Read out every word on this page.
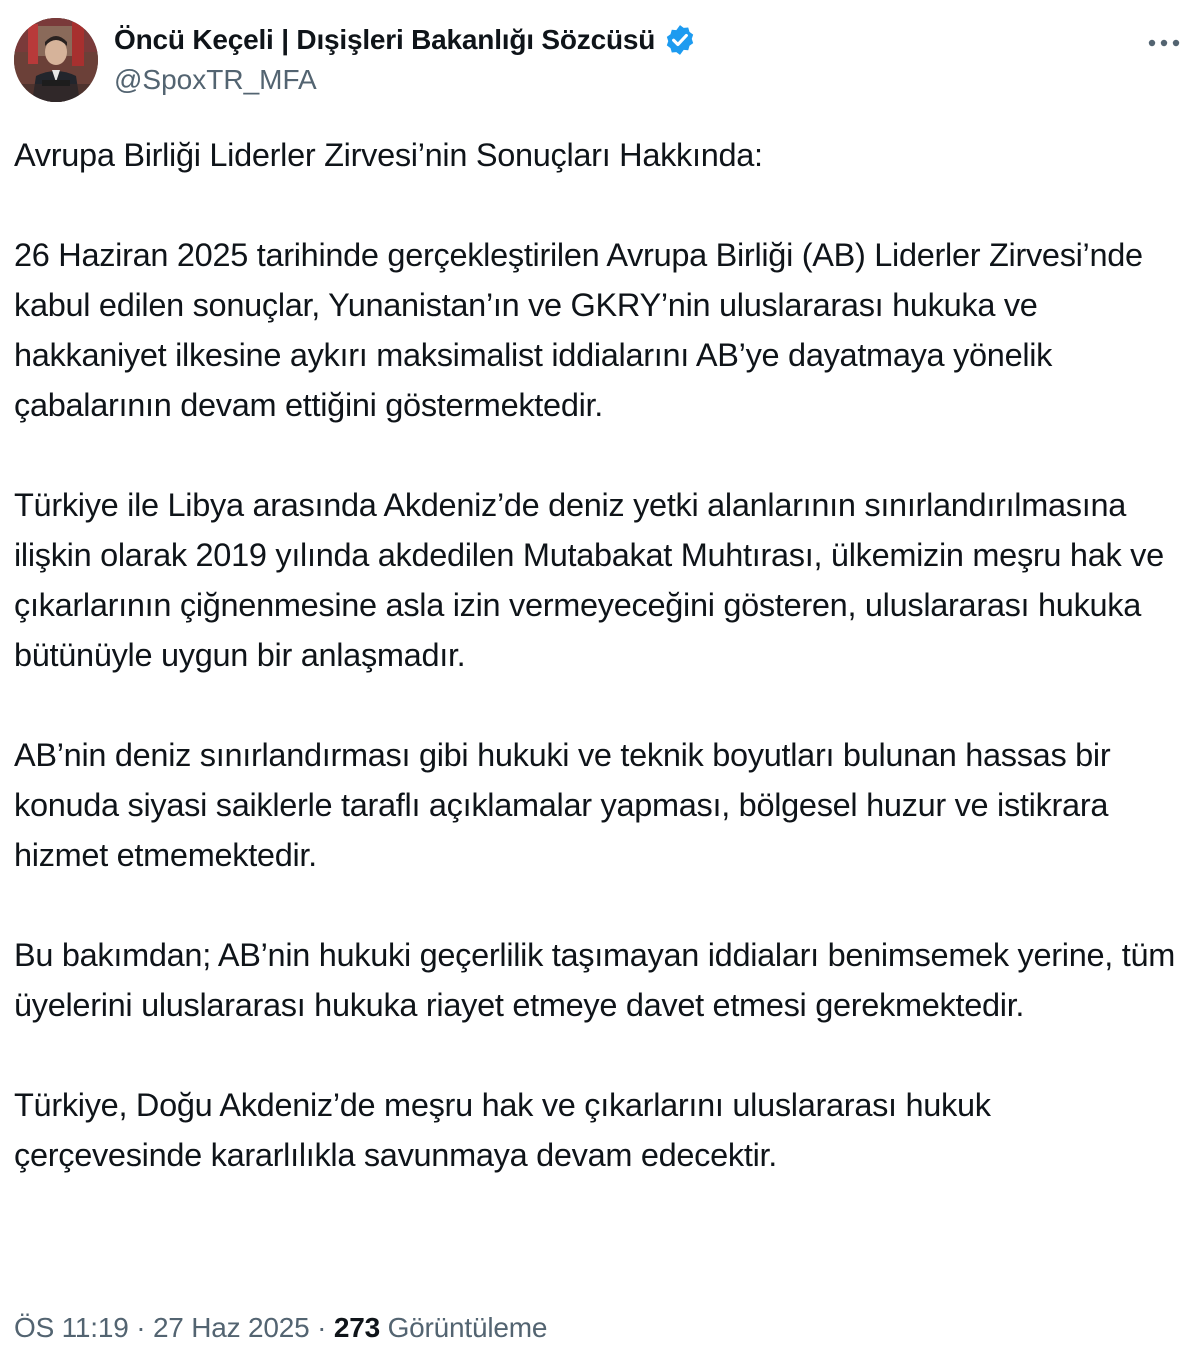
Öncü Keçeli | Dışişleri Bakanlığı Sözcüsü
@SpoxTR_MFA

Avrupa Birliği Liderler Zirvesi’nin Sonuçları Hakkında:

26 Haziran 2025 tarihinde gerçekleştirilen Avrupa Birliği (AB) Liderler Zirvesi’nde kabul edilen sonuçlar, Yunanistan’ın ve GKRY’nin uluslararası hukuka ve hakkaniyet ilkesine aykırı maksimalist iddialarını AB’ye dayatmaya yönelik çabalarının devam ettiğini göstermektedir.

Türkiye ile Libya arasında Akdeniz’de deniz yetki alanlarının sınırlandırılmasına ilişkin olarak 2019 yılında akdedilen Mutabakat Muhtırası, ülkemizin meşru hak ve çıkarlarının çiğnenmesine asla izin vermeyeceğini gösteren, uluslararası hukuka bütünüyle uygun bir anlaşmadır.

AB’nin deniz sınırlandırması gibi hukuki ve teknik boyutları bulunan hassas bir konuda siyasi saiklerle taraflı açıklamalar yapması, bölgesel huzur ve istikrara hizmet etmemektedir.

Bu bakımdan; AB’nin hukuki geçerlilik taşımayan iddiaları benimsemek yerine, tüm üyelerini uluslararası hukuka riayet etmeye davet etmesi gerekmektedir.

Türkiye, Doğu Akdeniz’de meşru hak ve çıkarlarını uluslararası hukuk çerçevesinde kararlılıkla savunmaya devam edecektir.

ÖS 11:19 · 27 Haz 2025 · 273 Görüntüleme
